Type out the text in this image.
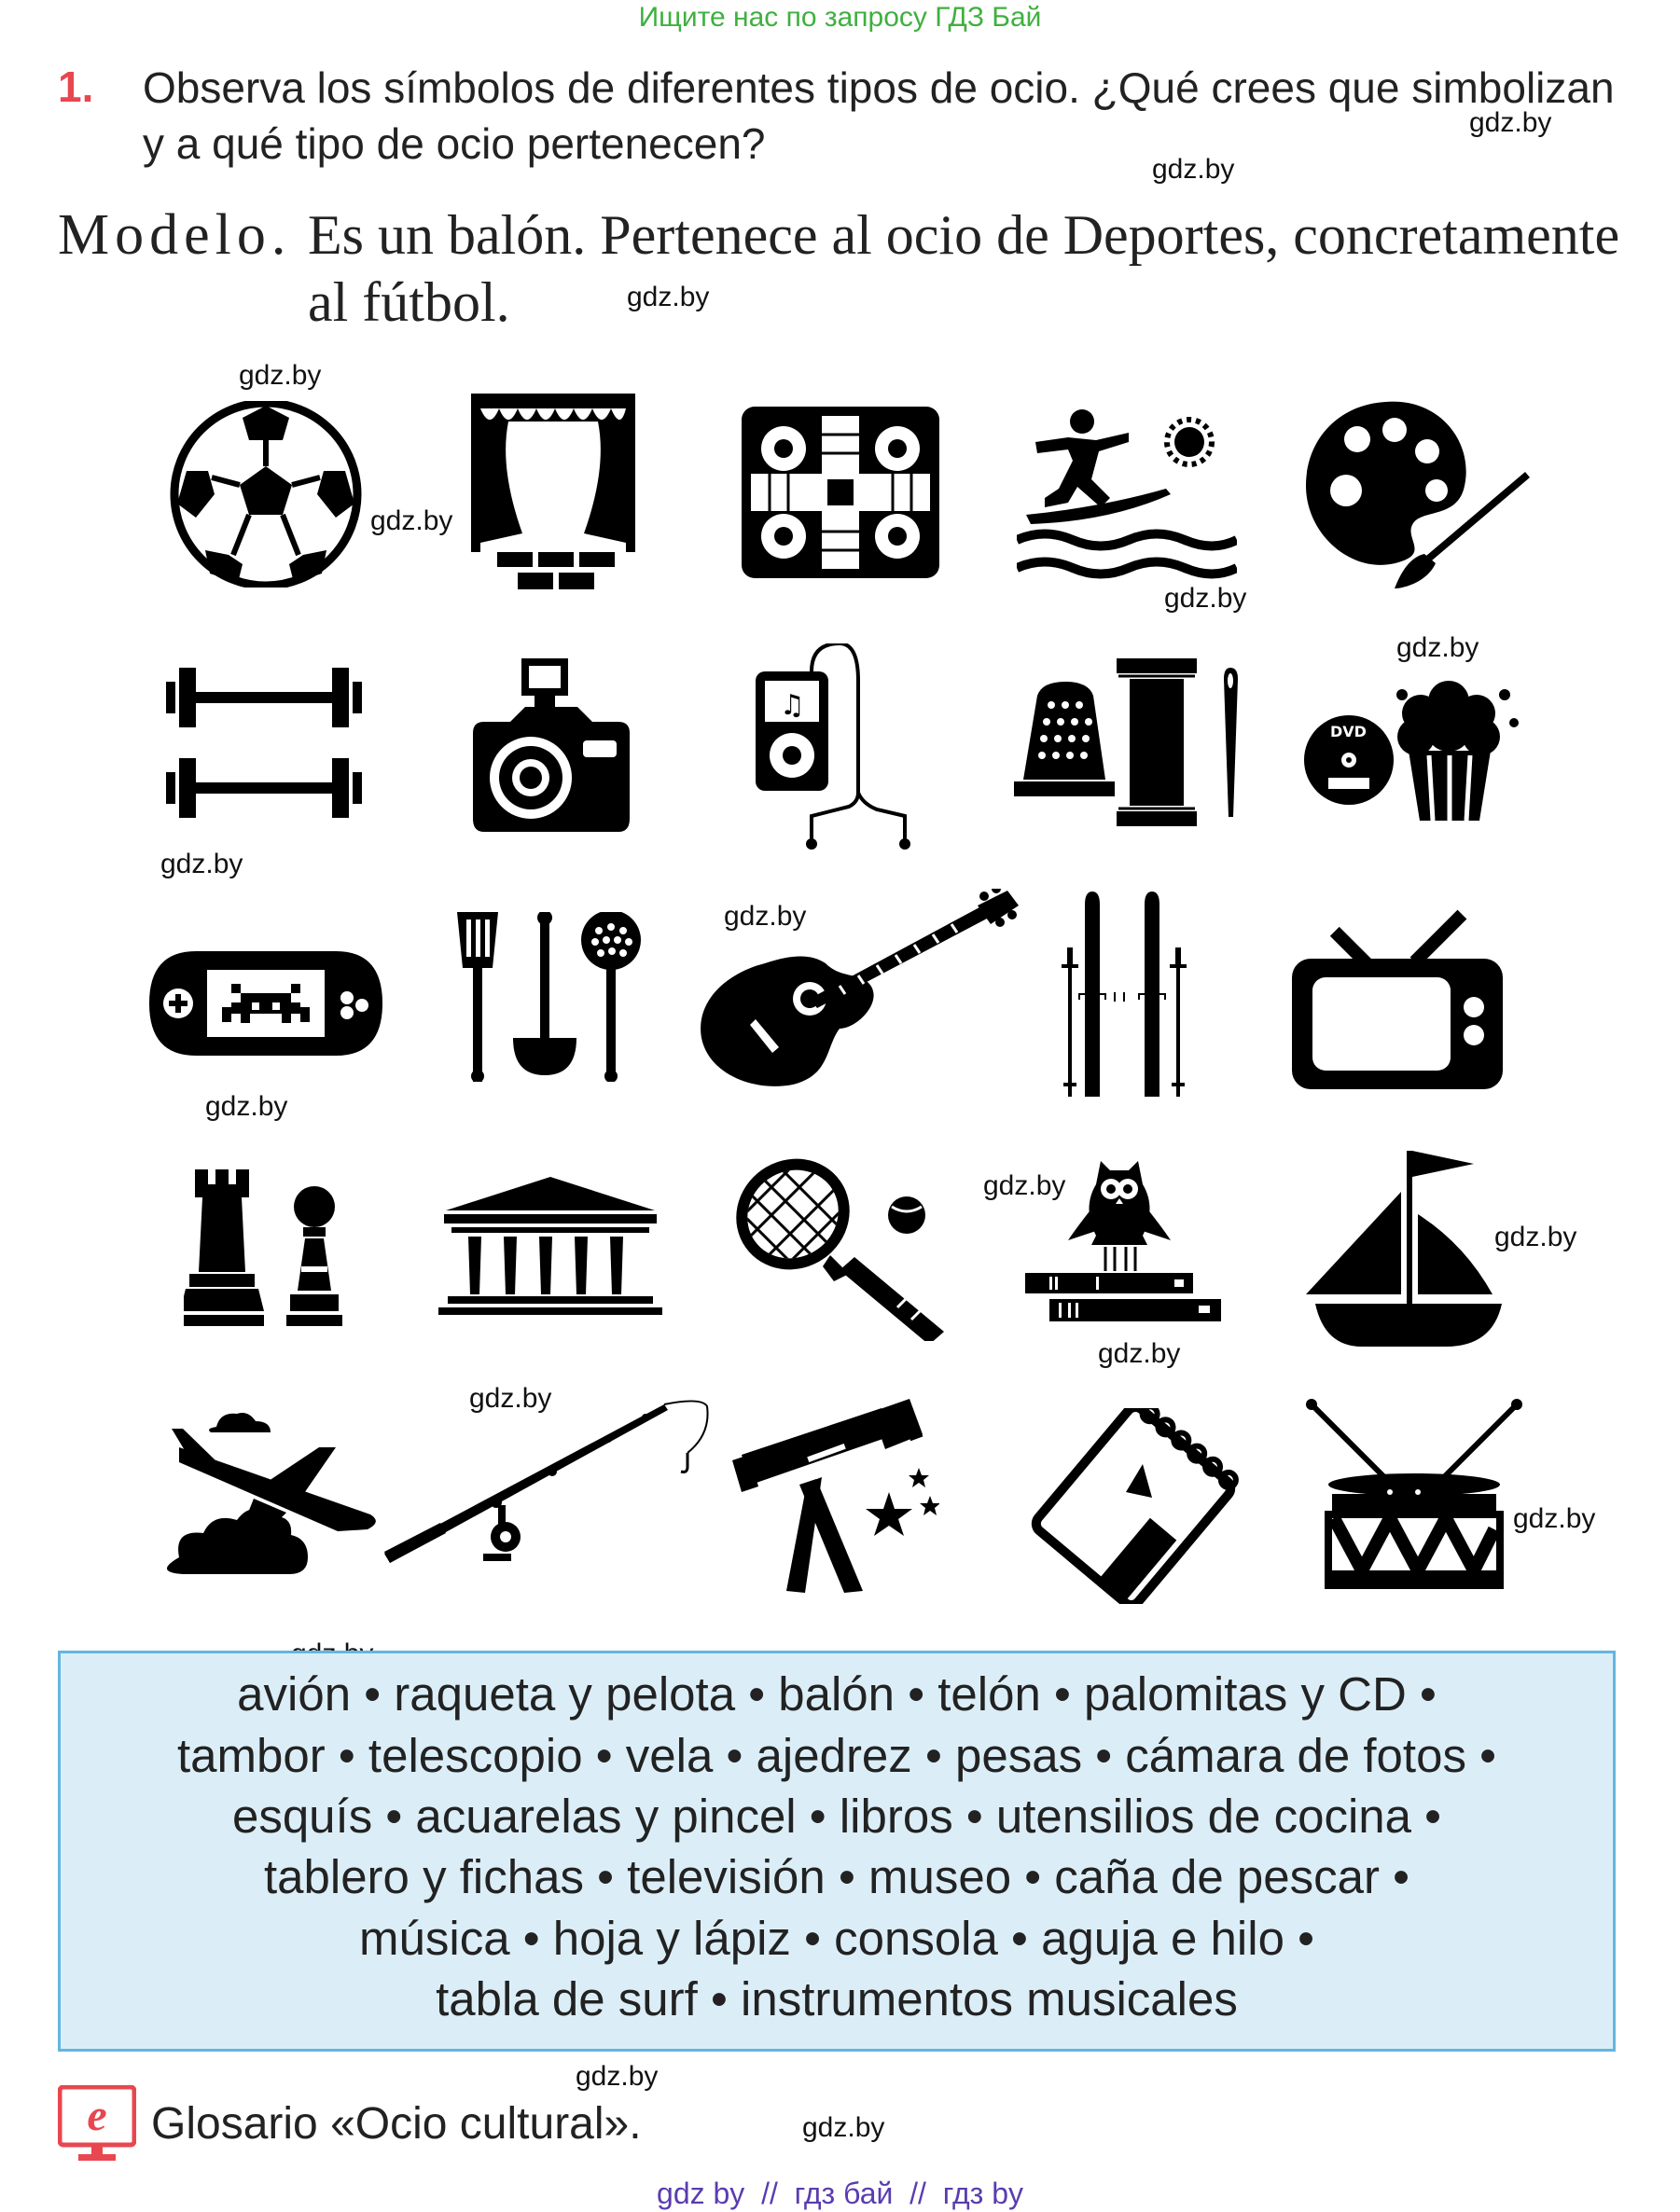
Ищите нас по запросу ГДЗ Бай
1. Observa los símbolos de diferentes tipos de ocio. ¿Qué crees que simbolizan y a qué tipo de ocio pertenecen?
Modelo. Es un balón. Pertenece al ocio de Deportes, concretamente al fútbol.
gdz.by
gdz.by
gdz.by
gdz.by
gdz.by
gdz.by
gdz.by
gdz.by
gdz.by
gdz.by
gdz.by
gdz.by
gdz.by
gdz.by
gdz.by
gdz.by
gdz.by
♫
DVD
avión • raqueta y pelota • balón • telón • palomitas y CD •
tambor • telescopio • vela • ajedrez • pesas • cámara de fotos •
esquís • acuarelas y pincel • libros • utensilios de cocina •
tablero y fichas • televisión • museo • caña de pescar •
música • hoja y lápiz • consola • aguja e hilo •
tabla de surf • instrumentos musicales
e Glosario «Ocio cultural».
gdz by  //  гдз бай  //  гдз by
